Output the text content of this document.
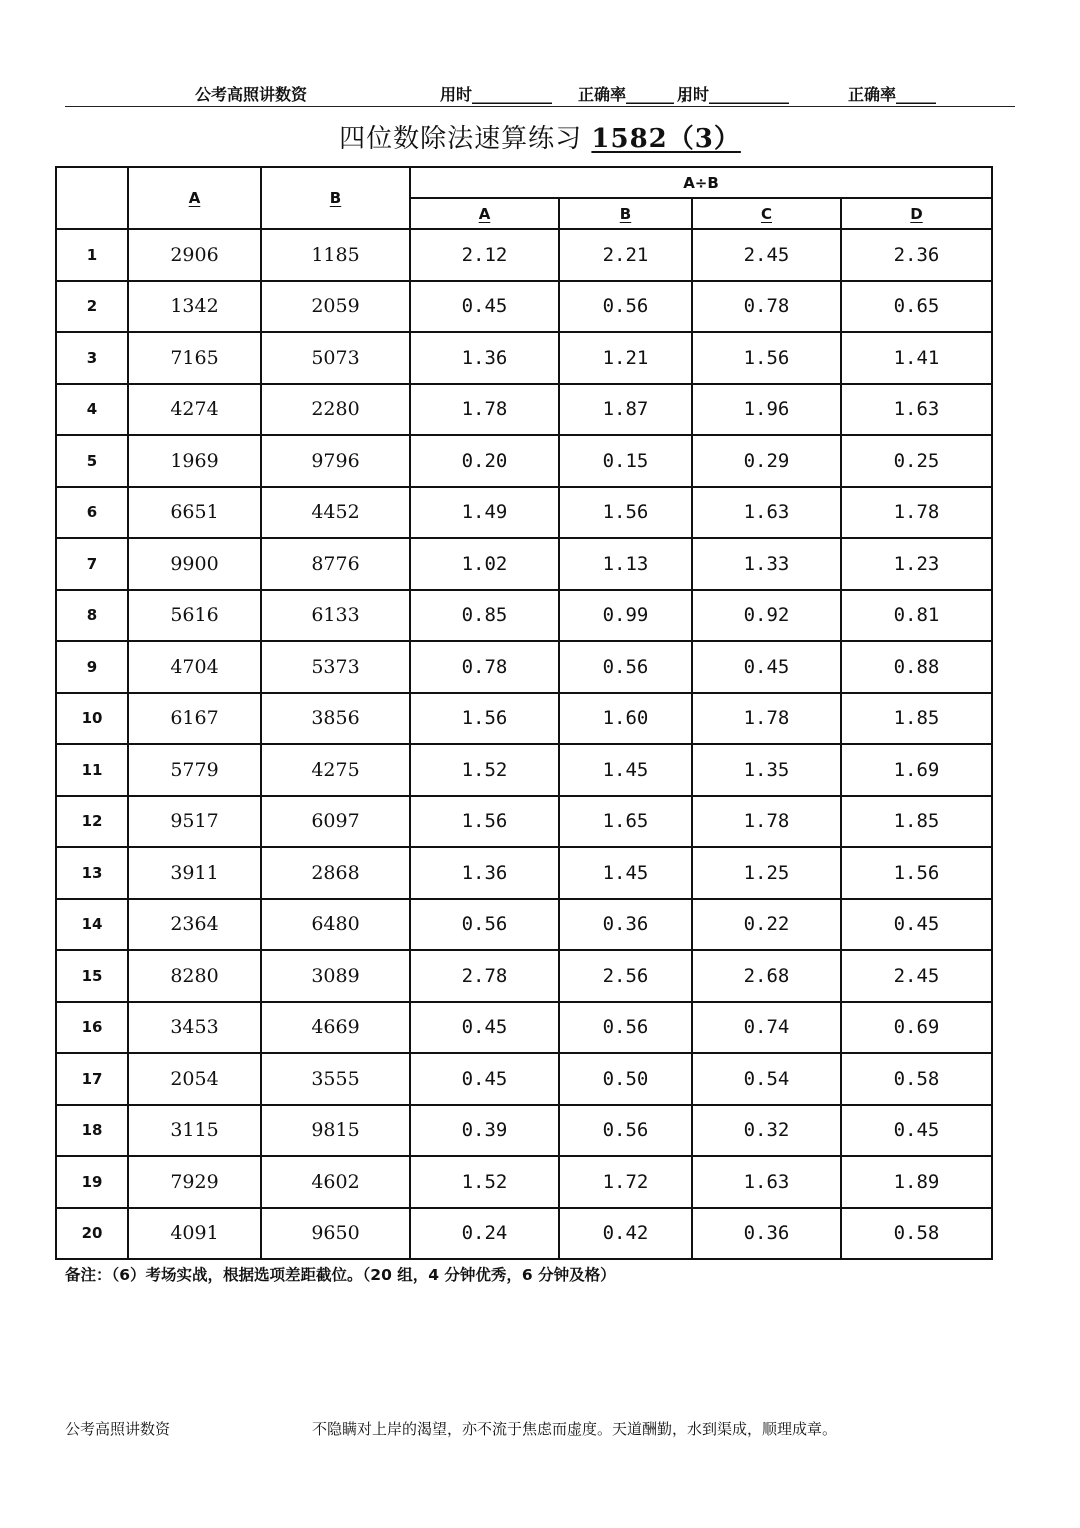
公考高照讲数资	用时__________ 正确率______ ；
用时__________	正确率_____
四位数除法速算练习 1582（3）
	A	B	A÷B			
			A	B	C	D
1	2906	1185	2.12	2.21	2.45	2.36
2	1342	2059	0.45	0.56	0.78	0.65
3	7165	5073	1.36	1.21	1.56	1.41
4	4274	2280	1.78	1.87	1.96	1.63
5	1969	9796	0.20	0.15	0.29	0.25
6	6651	4452	1.49	1.56	1.63	1.78
7	9900	8776	1.02	1.13	1.33	1.23
8	5616	6133	0.85	0.99	0.92	0.81
9	4704	5373	0.78	0.56	0.45	0.88
10	6167	3856	1.56	1.60	1.78	1.85
11	5779	4275	1.52	1.45	1.35	1.69
12	9517	6097	1.56	1.65	1.78	1.85
13	3911	2868	1.36	1.45	1.25	1.56
14	2364	6480	0.56	0.36	0.22	0.45
15	8280	3089	2.78	2.56	2.68	2.45
16	3453	4669	0.45	0.56	0.74	0.69
17	2054	3555	0.45	0.50	0.54	0.58
18	3115	9815	0.39	0.56	0.32	0.45
19	7929	4602	1.52	1.72	1.63	1.89
20	4091	9650	0.24	0.42	0.36	0.58
备注：（6）考场实战，根据选项差距截位。（20 组，4 分钟优秀，6 分钟及格）
公考高照讲数资	不隐瞒对上岸的渴望，亦不流于焦虑而虚度。天道酬勤，水到渠成，顺理成章。
